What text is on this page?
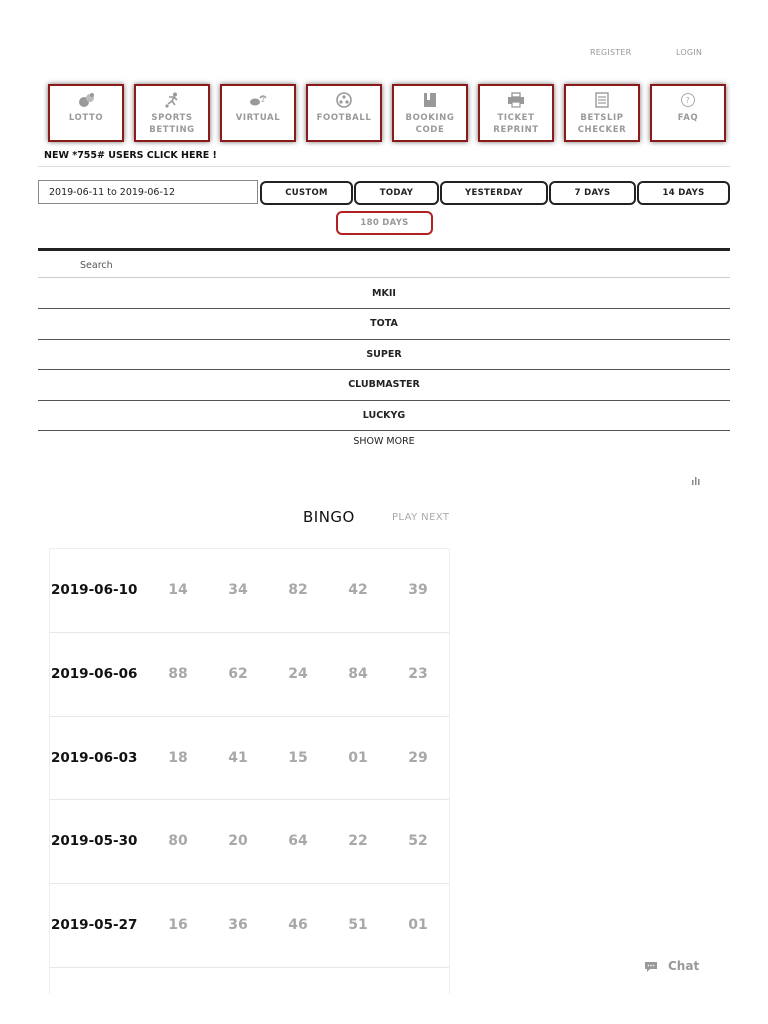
REGISTER	LOGIN
LOTTO	SPORTS
BETTING
2
VIRTUAL	FOOTBALL	BOOKING
CODE
TICKET
REPRINT
BETSLIP
CHECKER
?
FAQ
NEW *755# USERS CLICK HERE !
2019-06-11 to 2019-06-12
CUSTOM	TODAY	YESTERDAY	7 DAYS	14 DAYS
180 DAYS
Search
MKII
TOTA
SUPER
CLUBMASTER
LUCKYG
SHOW MORE
BINGO	PLAY NEXT
2019-06-10	14	34	82	42	39
2019-06-06	88	62	24	84	23
2019-06-03	18	41	15	01	29
2019-05-30	80	20	64	22	52
2019-05-27	16	36	46	51	01
Chat
